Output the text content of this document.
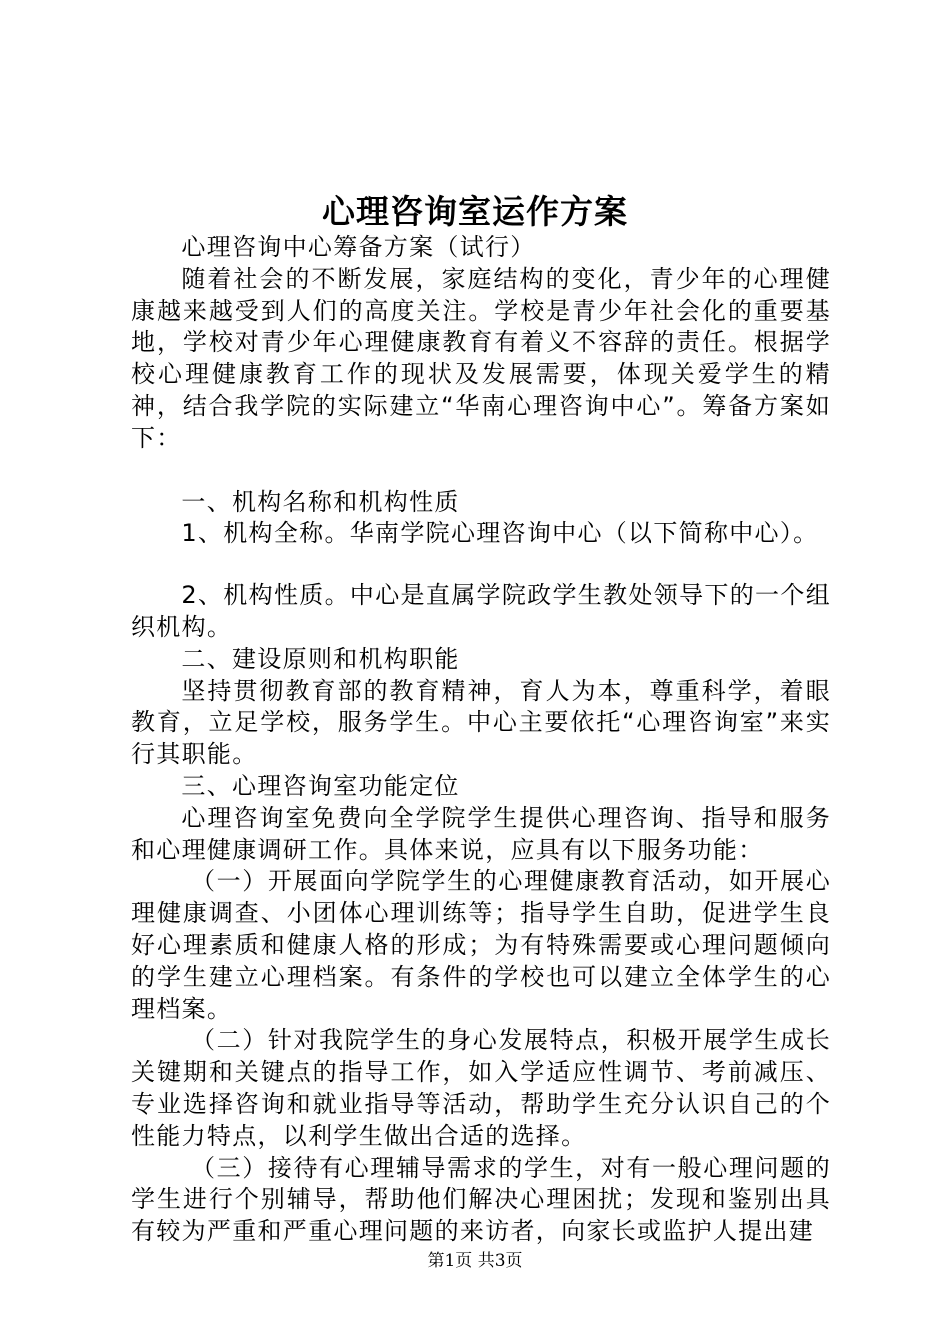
心理咨询室运作方案

心理咨询中心筹备方案（试行）

随着社会的不断发展，家庭结构的变化，青少年的心理健康越来越受到人们的高度关注。学校是青少年社会化的重要基地，学校对青少年心理健康教育有着义不容辞的责任。根据学校心理健康教育工作的现状及发展需要，体现关爱学生的精神，结合我学院的实际建立“华南心理咨询中心”。筹备方案如下：

一、机构名称和机构性质

1、机构全称。华南学院心理咨询中心（以下简称中心）。

2、机构性质。中心是直属学院政学生教处领导下的一个组织机构。

二、建设原则和机构职能

坚持贯彻教育部的教育精神，育人为本，尊重科学，着眼教育，立足学校，服务学生。中心主要依托“心理咨询室”来实行其职能。

三、心理咨询室功能定位

心理咨询室免费向全学院学生提供心理咨询、指导和服务和心理健康调研工作。具体来说，应具有以下服务功能：

（一）开展面向学院学生的心理健康教育活动，如开展心理健康调查、小团体心理训练等；指导学生自助，促进学生良好心理素质和健康人格的形成；为有特殊需要或心理问题倾向的学生建立心理档案。有条件的学校也可以建立全体学生的心理档案。

（二）针对我院学生的身心发展特点，积极开展学生成长关键期和关键点的指导工作，如入学适应性调节、考前减压、专业选择咨询和就业指导等活动，帮助学生充分认识自己的个性能力特点，以利学生做出合适的选择。

（三）接待有心理辅导需求的学生，对有一般心理问题的学生进行个别辅导，帮助他们解决心理困扰；发现和鉴别出具有较为严重和严重心理问题的来访者，向家长或监护人提出建

第1页 共3页
